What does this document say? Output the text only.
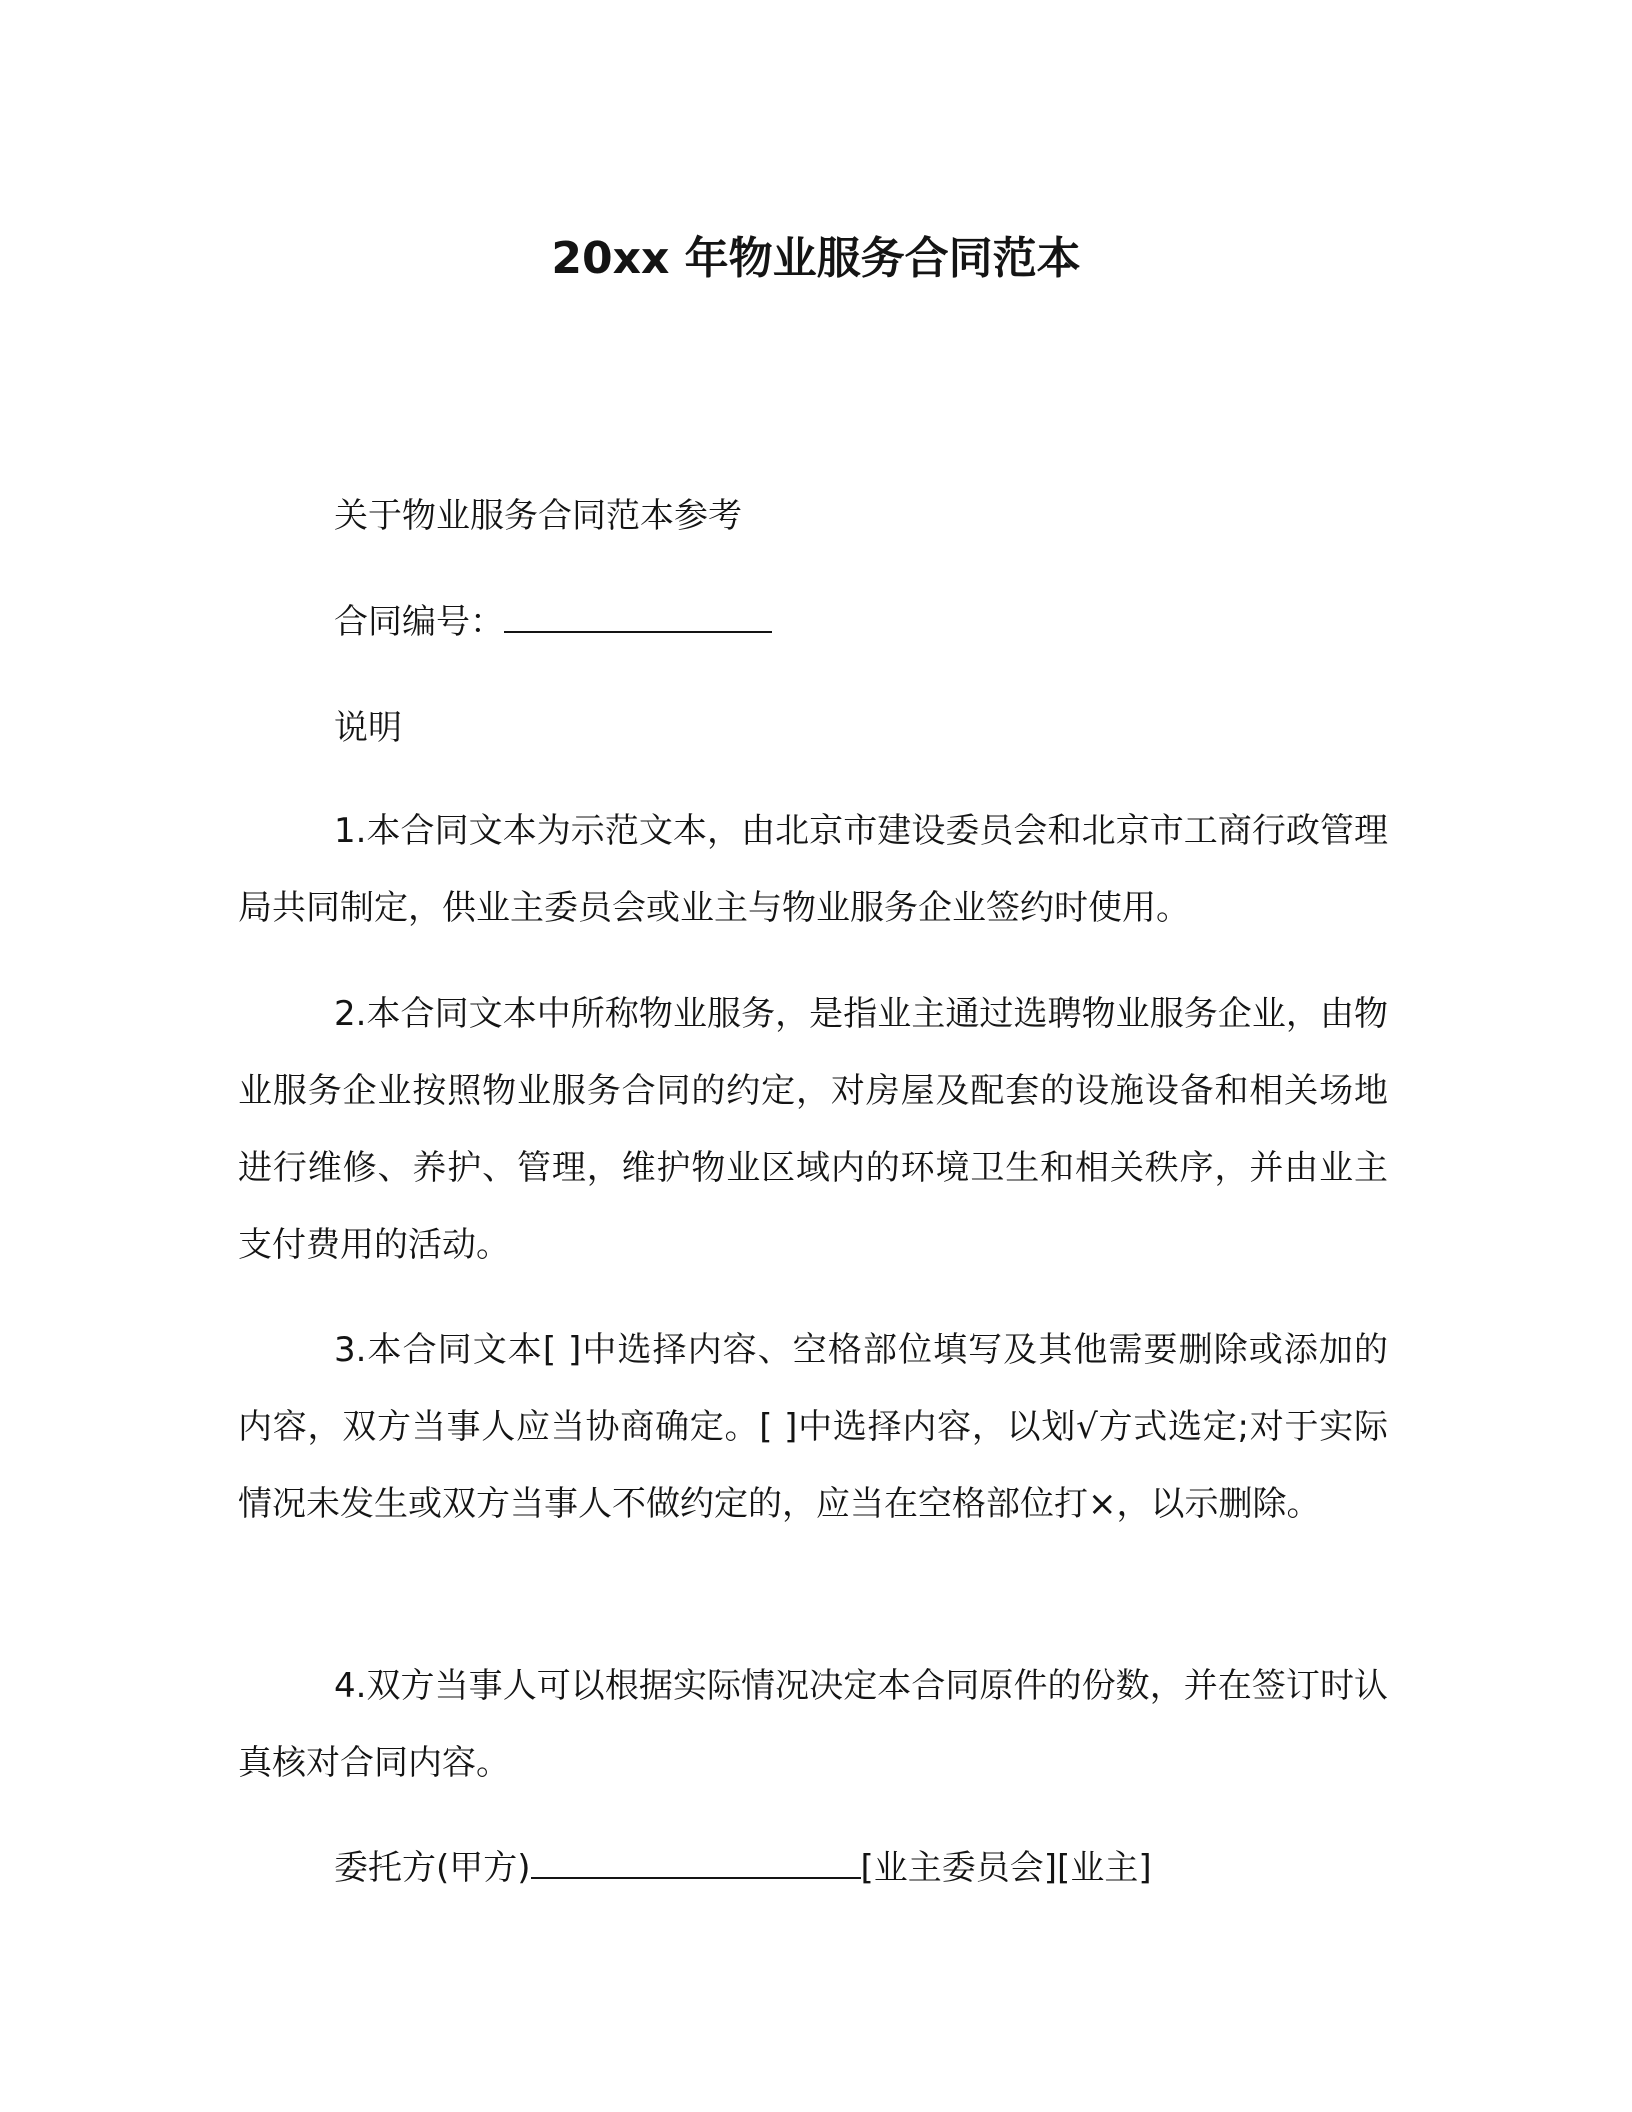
20xx 年物业服务合同范本

关于物业服务合同范本参考

合同编号：

说明

1.本合同文本为示范文本，由北京市建设委员会和北京市工商行政管理局共同制定，供业主委员会或业主与物业服务企业签约时使用。

2.本合同文本中所称物业服务，是指业主通过选聘物业服务企业，由物业服务企业按照物业服务合同的约定，对房屋及配套的设施设备和相关场地进行维修、养护、管理，维护物业区域内的环境卫生和相关秩序，并由业主支付费用的活动。

3.本合同文本[ ]中选择内容、空格部位填写及其他需要删除或添加的内容，双方当事人应当协商确定。[ ]中选择内容，以划√方式选定;对于实际情况未发生或双方当事人不做约定的，应当在空格部位打×，以示删除。

4.双方当事人可以根据实际情况决定本合同原件的份数，并在签订时认真核对合同内容。

委托方(甲方)	[业主委员会][业主]
